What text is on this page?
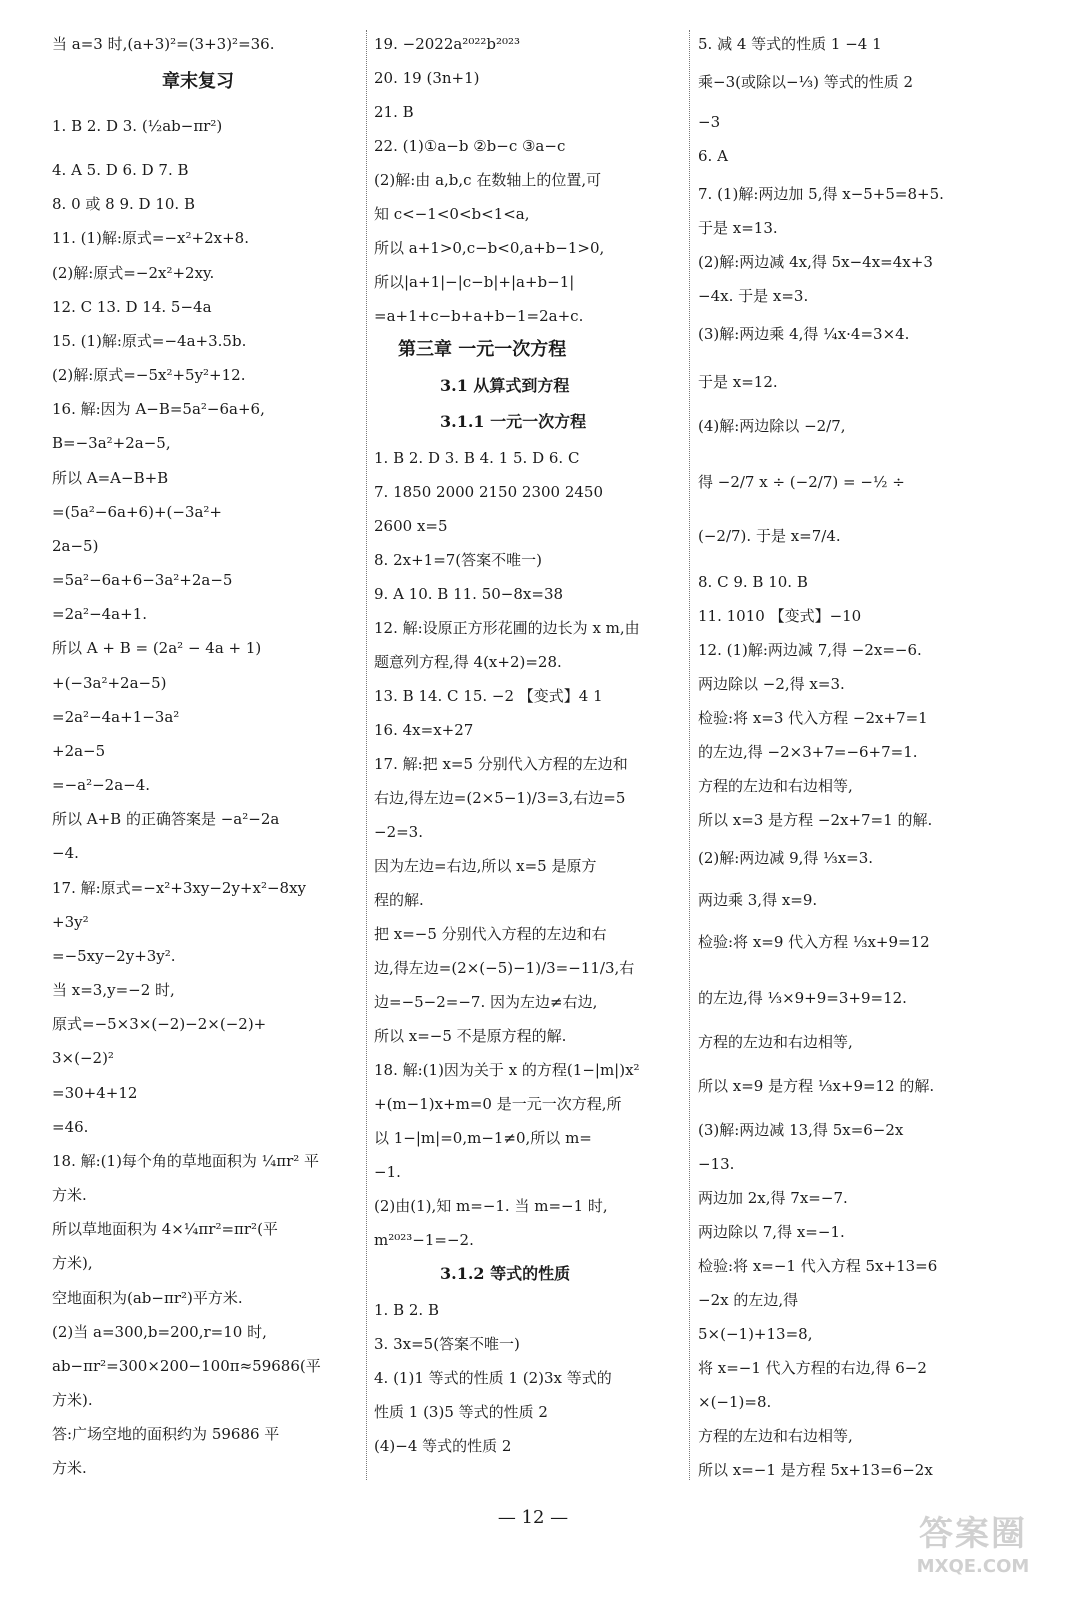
当 a=3 时,(a+3)²=(3+3)²=36.
章末复习
1. B 2. D 3. (½ab−πr²)
4. A 5. D 6. D 7. B
8. 0 或 8 9. D 10. B
11. (1)解:原式=−x²+2x+8.
(2)解:原式=−2x²+2xy.
12. C 13. D 14. 5−4a
15. (1)解:原式=−4a+3.5b.
(2)解:原式=−5x²+5y²+12.
16. 解:因为 A−B=5a²−6a+6,
B=−3a²+2a−5,
所以 A=A−B+B
=(5a²−6a+6)+(−3a²+
2a−5)
=5a²−6a+6−3a²+2a−5
=2a²−4a+1.
所以 A + B = (2a² − 4a + 1)
+(−3a²+2a−5)
=2a²−4a+1−3a²
+2a−5
=−a²−2a−4.
所以 A+B 的正确答案是 −a²−2a
−4.
17. 解:原式=−x²+3xy−2y+x²−8xy
+3y²
=−5xy−2y+3y².
当 x=3,y=−2 时,
原式=−5×3×(−2)−2×(−2)+
3×(−2)²
=30+4+12
=46.
18. 解:(1)每个角的草地面积为 ¼πr² 平
方米.
所以草地面积为 4×¼πr²=πr²(平
方米),
空地面积为(ab−πr²)平方米.
(2)当 a=300,b=200,r=10 时,
ab−πr²=300×200−100π≈59686(平
方米).
答:广场空地的面积约为 59686 平
方米.
19. −2022a²⁰²²b²⁰²³
20. 19 (3n+1)
21. B
22. (1)①a−b ②b−c ③a−c
(2)解:由 a,b,c 在数轴上的位置,可
知 c<−1<0<b<1<a,
所以 a+1>0,c−b<0,a+b−1>0,
所以|a+1|−|c−b|+|a+b−1|
=a+1+c−b+a+b−1=2a+c.
第三章 一元一次方程
3.1 从算式到方程
3.1.1 一元一次方程
1. B 2. D 3. B 4. 1 5. D 6. C
7. 1850 2000 2150 2300 2450
2600 x=5
8. 2x+1=7(答案不唯一)
9. A 10. B 11. 50−8x=38
12. 解:设原正方形花圃的边长为 x m,由
题意列方程,得 4(x+2)=28.
13. B 14. C 15. −2 【变式】4 1
16. 4x=x+27
17. 解:把 x=5 分别代入方程的左边和
右边,得左边=(2×5−1)/3=3,右边=5
−2=3.
因为左边=右边,所以 x=5 是原方
程的解.
把 x=−5 分别代入方程的左边和右
边,得左边=(2×(−5)−1)/3=−11/3,右
边=−5−2=−7. 因为左边≠右边,
所以 x=−5 不是原方程的解.
18. 解:(1)因为关于 x 的方程(1−|m|)x²
+(m−1)x+m=0 是一元一次方程,所
以 1−|m|=0,m−1≠0,所以 m=
−1.
(2)由(1),知 m=−1. 当 m=−1 时,
m²⁰²³−1=−2.
3.1.2 等式的性质
1. B 2. B
3. 3x=5(答案不唯一)
4. (1)1 等式的性质 1 (2)3x 等式的
性质 1 (3)5 等式的性质 2
(4)−4 等式的性质 2
5. 减 4 等式的性质 1 −4 1
乘−3(或除以−⅓) 等式的性质 2
−3
6. A
7. (1)解:两边加 5,得 x−5+5=8+5.
于是 x=13.
(2)解:两边减 4x,得 5x−4x=4x+3
−4x. 于是 x=3.
(3)解:两边乘 4,得 ¼x·4=3×4.
于是 x=12.
(4)解:两边除以 −2/7,
得 −2/7 x ÷ (−2/7) = −½ ÷
(−2/7). 于是 x=7/4.
8. C 9. B 10. B
11. 1010 【变式】−10
12. (1)解:两边减 7,得 −2x=−6.
两边除以 −2,得 x=3.
检验:将 x=3 代入方程 −2x+7=1
的左边,得 −2×3+7=−6+7=1.
方程的左边和右边相等,
所以 x=3 是方程 −2x+7=1 的解.
(2)解:两边减 9,得 ⅓x=3.
两边乘 3,得 x=9.
检验:将 x=9 代入方程 ⅓x+9=12
的左边,得 ⅓×9+9=3+9=12.
方程的左边和右边相等,
所以 x=9 是方程 ⅓x+9=12 的解.
(3)解:两边减 13,得 5x=6−2x
−13.
两边加 2x,得 7x=−7.
两边除以 7,得 x=−1.
检验:将 x=−1 代入方程 5x+13=6
−2x 的左边,得
5×(−1)+13=8,
将 x=−1 代入方程的右边,得 6−2
×(−1)=8.
方程的左边和右边相等,
所以 x=−1 是方程 5x+13=6−2x
— 12 —	答案圈
MXQE.COM
